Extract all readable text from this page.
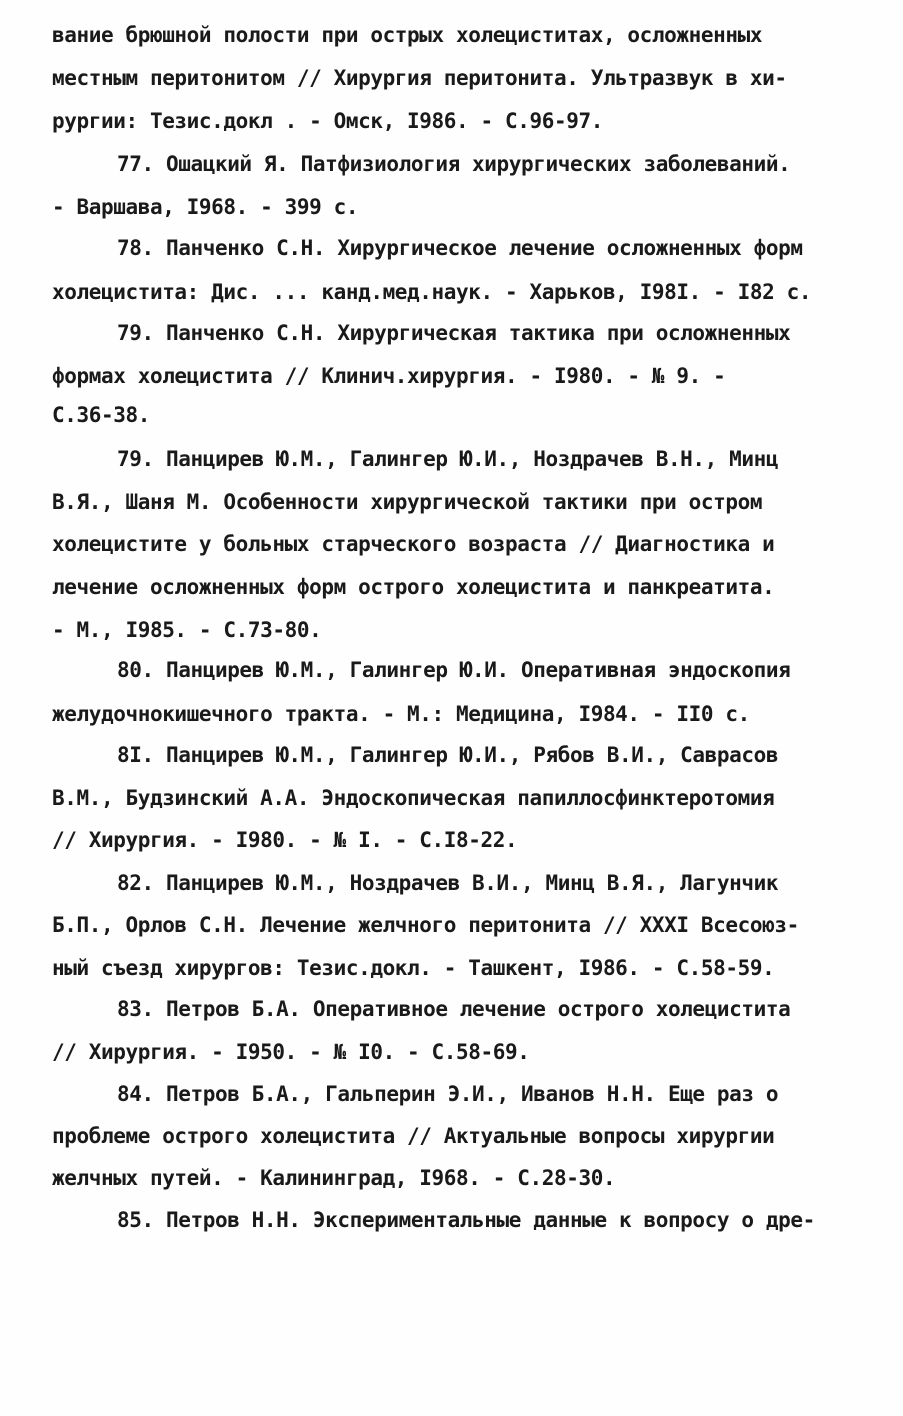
вание брюшной полости при острых холециститах, осложненных
местным перитонитом // Хирургия перитонита. Ультразвук в хи-
рургии: Тезис.докл . - Омск, I986. - С.96-97.
77. Ошацкий Я. Патфизиология хирургических заболеваний.
- Варшава, I968. - 399 с.
78. Панченко С.Н. Хирургическое лечение осложненных форм
холецистита: Дис. ... канд.мед.наук. - Харьков, I98I. - I82 с.
79. Панченко С.Н. Хирургическая тактика при осложненных
формах холецистита // Клинич.хирургия. - I980. - № 9. -
С.36-38.
79. Панцирев Ю.М., Галингер Ю.И., Ноздрачев В.Н., Минц
В.Я., Шаня М. Особенности хирургической тактики при остром
холецистите у больных старческого возраста // Диагностика и
лечение осложненных форм острого холецистита и панкреатита.
- М., I985. - С.73-80.
80. Панцирев Ю.М., Галингер Ю.И. Оперативная эндоскопия
желудочнокишечного тракта. - М.: Медицина, I984. - II0 с.
8I. Панцирев Ю.М., Галингер Ю.И., Рябов В.И., Саврасов
В.М., Будзинский А.А. Эндоскопическая папиллосфинктеротомия
// Хирургия. - I980. - № I. - С.I8-22.
82. Панцирев Ю.М., Ноздрачев В.И., Минц В.Я., Лагунчик
Б.П., Орлов С.Н. Лечение желчного перитонита // XXXI Всесоюз-
ный съезд хирургов: Тезис.докл. - Ташкент, I986. - С.58-59.
83. Петров Б.А. Оперативное лечение острого холецистита
// Хирургия. - I950. - № I0. - С.58-69.
84. Петров Б.А., Гальперин Э.И., Иванов Н.Н. Еще раз о
проблеме острого холецистита // Актуальные вопросы хирургии
желчных путей. - Калининград, I968. - С.28-30.
85. Петров Н.Н. Экспериментальные данные к вопросу о дре-
